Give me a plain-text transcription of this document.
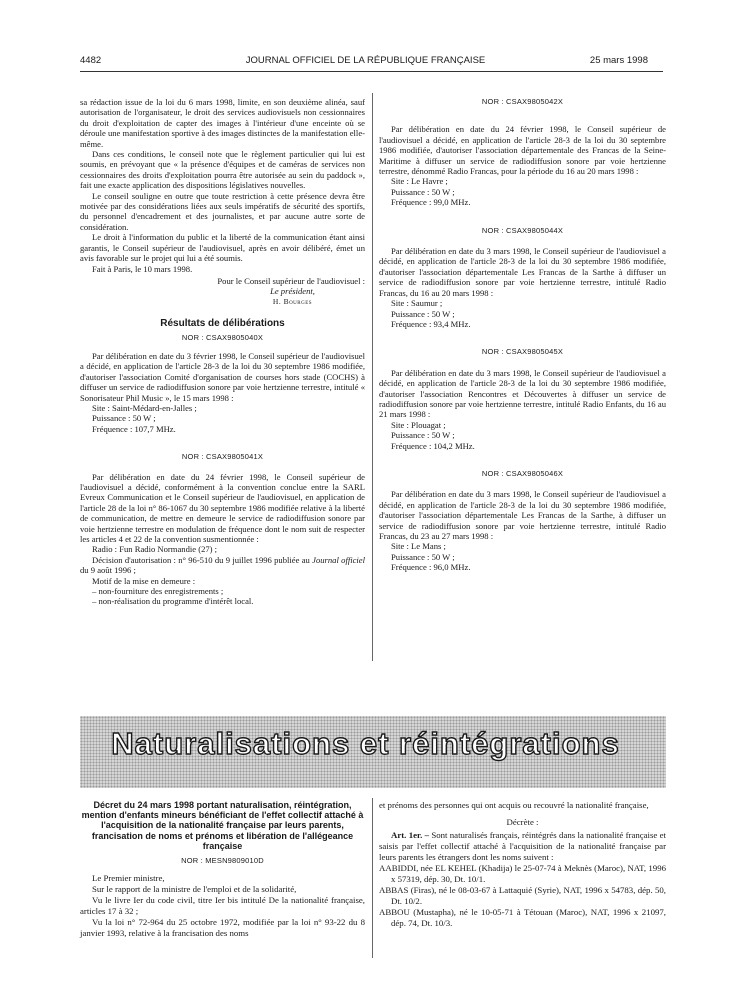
4482	JOURNAL OFFICIEL DE LA RÉPUBLIQUE FRANÇAISE	25 mars 1998

sa rédaction issue de la loi du 6 mars 1998, limite, en son deuxième alinéa, sauf autorisation de l'organisateur, le droit des services audiovisuels non cessionnaires du droit d'exploitation de capter des images à l'intérieur d'une enceinte où se déroule une manifestation sportive à des images distinctes de la manifestation elle-même.

Dans ces conditions, le conseil note que le règlement particulier qui lui est soumis, en prévoyant que « la présence d'équipes et de caméras de services non cessionnaires des droits d'exploitation pourra être autorisée au sein du paddock », fait une exacte application des dispositions législatives nouvelles.

Le conseil souligne en outre que toute restriction à cette présence devra être motivée par des considérations liées aux seuls impératifs de sécurité des sportifs, du personnel d'encadrement et des journalistes, et par aucune autre sorte de considération.

Le droit à l'information du public et la liberté de la communication étant ainsi garantis, le Conseil supérieur de l'audiovisuel, après en avoir délibéré, émet un avis favorable sur le projet qui lui a été soumis.

Fait à Paris, le 10 mars 1998.

Pour le Conseil supérieur de l'audiovisuel :

Le président,

H. Bourges

Résultats de délibérations

NOR : CSAX9805040X

Par délibération en date du 3 février 1998, le Conseil supérieur de l'audiovisuel a décidé, en application de l'article 28-3 de la loi du 30 septembre 1986 modifiée, d'autoriser l'association Comité d'organisation de courses hors stade (COCHS) à diffuser un service de radiodiffusion sonore par voie hertzienne terrestre, intitulé « Sonorisateur Phil Music », le 15 mars 1998 :

Site : Saint-Médard-en-Jalles ;

Puissance : 50 W ;

Fréquence : 107,7 MHz.

NOR : CSAX9805041X

Par délibération en date du 24 février 1998, le Conseil supérieur de l'audiovisuel a décidé, conformément à la convention conclue entre la SARL Evreux Communication et le Conseil supérieur de l'audiovisuel, en application de l'article 28 de la loi n° 86-1067 du 30 septembre 1986 modifiée relative à la liberté de communication, de mettre en demeure le service de radiodiffusion sonore par voie hertzienne terrestre en modulation de fréquence dont le nom suit de respecter les articles 4 et 22 de la convention susmentionnée :

Radio : Fun Radio Normandie (27) ;

Décision d'autorisation : n° 96-510 du 9 juillet 1996 publiée au Journal officiel du 9 août 1996 ;

Motif de la mise en demeure :

– non-fourniture des enregistrements ;

– non-réalisation du programme d'intérêt local.

NOR : CSAX9805042X

Par délibération en date du 24 février 1998, le Conseil supérieur de l'audiovisuel a décidé, en application de l'article 28-3 de la loi du 30 septembre 1986 modifiée, d'autoriser l'association départementale des Francas de la Seine-Maritime à diffuser un service de radiodiffusion sonore par voie hertzienne terrestre, dénommé Radio Francas, pour la période du 16 au 20 mars 1998 :

Site : Le Havre ;

Puissance : 50 W ;

Fréquence : 99,0 MHz.

NOR : CSAX9805044X

Par délibération en date du 3 mars 1998, le Conseil supérieur de l'audiovisuel a décidé, en application de l'article 28-3 de la loi du 30 septembre 1986 modifiée, d'autoriser l'association départementale Les Francas de la Sarthe à diffuser un service de radiodiffusion sonore par voie hertzienne terrestre, intitulé Radio Francas, du 16 au 20 mars 1998 :

Site : Saumur ;

Puissance : 50 W ;

Fréquence : 93,4 MHz.

NOR : CSAX9805045X

Par délibération en date du 3 mars 1998, le Conseil supérieur de l'audiovisuel a décidé, en application de l'article 28-3 de la loi du 30 septembre 1986 modifiée, d'autoriser l'association Rencontres et Découvertes à diffuser un service de radiodiffusion sonore par voie hertzienne terrestre, intitulé Radio Enfants, du 16 au 21 mars 1998 :

Site : Plouagat ;

Puissance : 50 W ;

Fréquence : 104,2 MHz.

NOR : CSAX9805046X

Par délibération en date du 3 mars 1998, le Conseil supérieur de l'audiovisuel a décidé, en application de l'article 28-3 de la loi du 30 septembre 1986 modifiée, d'autoriser l'association départementale Les Francas de la Sarthe, à diffuser un service de radiodiffusion sonore par voie hertzienne terrestre, intitulé Radio Francas, du 23 au 27 mars 1998 :

Site : Le Mans ;

Puissance : 50 W ;

Fréquence : 96,0 MHz.

Naturalisations et réintégrations

Décret du 24 mars 1998 portant naturalisation, réintégration, mention d'enfants mineurs bénéficiant de l'effet collectif attaché à l'acquisition de la nationalité française par leurs parents, francisation de noms et prénoms et libération de l'allégeance française

NOR : MESN9809010D

Le Premier ministre,

Sur le rapport de la ministre de l'emploi et de la solidarité,

Vu le livre Ier du code civil, titre Ier bis intitulé De la nationalité française, articles 17 à 32 ;

Vu la loi n° 72-964 du 25 octobre 1972, modifiée par la loi n° 93-22 du 8 janvier 1993, relative à la francisation des noms

et prénoms des personnes qui ont acquis ou recouvré la nationalité française,

Décrète :

Art. 1er. – Sont naturalisés français, réintégrés dans la nationalité française et saisis par l'effet collectif attaché à l'acquisition de la nationalité française par leurs parents les étrangers dont les noms suivent :

AABIDDI, née EL KEHEL (Khadija) le 25-07-74 à Meknès (Maroc), NAT, 1996 x 57319, dép. 30, Dt. 10/1.

ABBAS (Firas), né le 08-03-67 à Lattaquié (Syrie), NAT, 1996 x 54783, dép. 50, Dt. 10/2.

ABBOU (Mustapha), né le 10-05-71 à Tétouan (Maroc), NAT, 1996 x 21097, dép. 74, Dt. 10/3.
